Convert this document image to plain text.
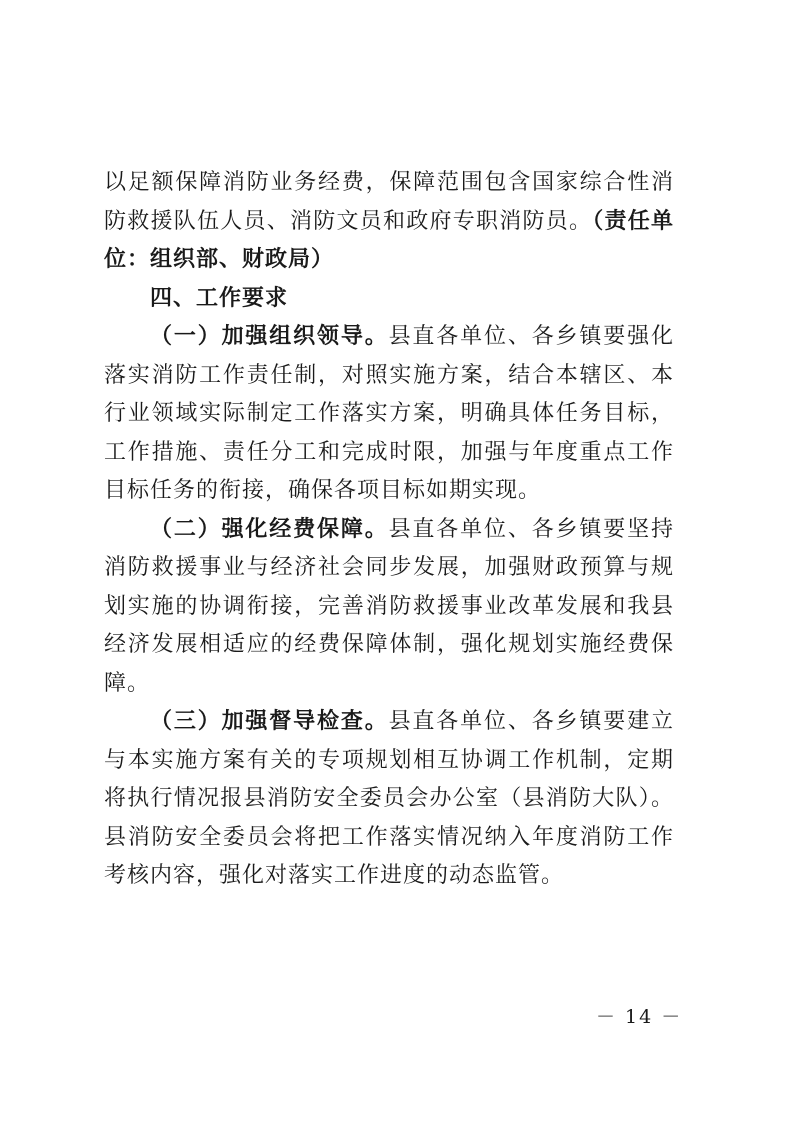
以足额保障消防业务经费，保障范围包含国家综合性消防救援队伍人员、消防文员和政府专职消防员。（责任单位：组织部、财政局）

四、工作要求

（一）加强组织领导。县直各单位、各乡镇要强化落实消防工作责任制，对照实施方案，结合本辖区、本行业领域实际制定工作落实方案，明确具体任务目标，工作措施、责任分工和完成时限，加强与年度重点工作目标任务的衔接，确保各项目标如期实现。

（二）强化经费保障。县直各单位、各乡镇要坚持消防救援事业与经济社会同步发展，加强财政预算与规划实施的协调衔接，完善消防救援事业改革发展和我县经济发展相适应的经费保障体制，强化规划实施经费保障。

（三）加强督导检查。县直各单位、各乡镇要建立与本实施方案有关的专项规划相互协调工作机制，定期将执行情况报县消防安全委员会办公室（县消防大队）。县消防安全委员会将把工作落实情况纳入年度消防工作考核内容，强化对落实工作进度的动态监管。

－ 14 －
